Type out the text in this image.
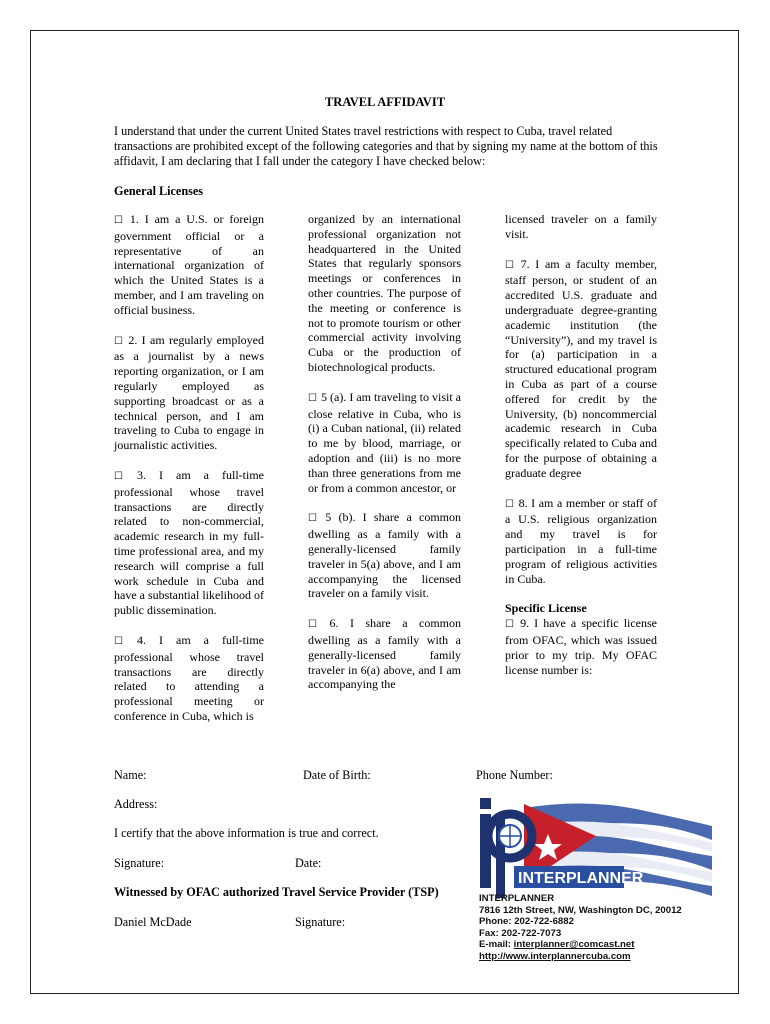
TRAVEL AFFIDAVIT
I understand that under the current United States travel restrictions with respect to Cuba, travel related transactions are prohibited except of the following categories and that by signing my name at the bottom of this affidavit, I am declaring that I fall under the category I have checked below:
General Licenses

☐ 1. I am a U.S. or foreign government official or a representative of an international organization of which the United States is a member, and I am traveling on official business.

☐ 2. I am regularly employed as a journalist by a news reporting organization, or I am regularly employed as supporting broadcast or as a technical person, and I am traveling to Cuba to engage in journalistic activities.

☐ 3. I am a full-time professional whose travel transactions are directly related to non-commercial, academic research in my full-time professional area, and my research will comprise a full work schedule in Cuba and have a substantial likelihood of public dissemination.

☐ 4. I am a full-time professional whose travel transactions are directly related to attending a professional meeting or conference in Cuba, which is

organized by an international professional organization not headquartered in the United States that regularly sponsors meetings or conferences in other countries. The purpose of the meeting or conference is not to promote tourism or other commercial activity involving Cuba or the production of biotechnological products.

☐ 5 (a). I am traveling to visit a close relative in Cuba, who is (i) a Cuban national, (ii) related to me by blood, marriage, or adoption and (iii) is no more than three generations from me or from a common ancestor, or

☐ 5 (b). I share a common dwelling as a family with a generally-licensed family traveler in 5(a) above, and I am accompanying the licensed traveler on a family visit.

☐ 6. I share a common dwelling as a family with a generally-licensed family traveler in 6(a) above, and I am accompanying the

licensed traveler on a family visit.

☐ 7. I am a faculty member, staff person, or student of an accredited U.S. graduate and undergraduate degree-granting academic institution (the “University”), and my travel is for (a) participation in a structured educational program in Cuba as part of a course offered for credit by the University, (b) noncommercial academic research in Cuba specifically related to Cuba and for the purpose of obtaining a graduate degree

☐ 8. I am a member or staff of a U.S. religious organization and my travel is for participation in a full-time program of religious activities in Cuba.

Specific License

☐ 9. I have a specific license from OFAC, which was issued prior to my trip. My OFAC license number is:

Name:	Date of Birth:	Phone Number:
Address:
I certify that the above information is true and correct.
Signature:	Date:
Witnessed by OFAC authorized Travel Service Provider (TSP)
Daniel McDade	Signature:
INTERPLANNER
INTERPLANNER
7816 12th Street, NW, Washington DC, 20012
Phone: 202-722-6882
Fax: 202-722-7073
E-mail: interplanner@comcast.net
http://www.interplannercuba.com
